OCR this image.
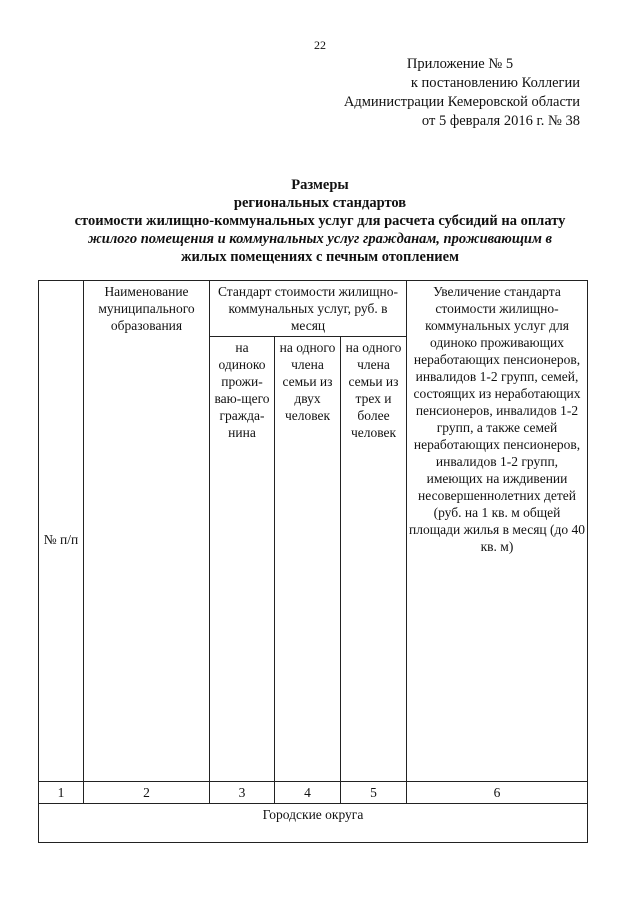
22
Приложение № 5
к постановлению Коллегии
Администрации Кемеровской области
от 5 февраля 2016 г. № 38
Размеры
региональных стандартов
стоимости жилищно-коммунальных услуг для расчета субсидий на оплату
жилого помещения и коммунальных услуг гражданам, проживающим в
жилых помещениях с печным отоплением
№ п/п	Наименование муниципального образования	Стандарт стоимости жилищно-коммунальных услуг, руб. в месяц			Увеличение стандарта стоимости жилищно-коммунальных услуг для одиноко проживающих неработающих пенсионеров, инвалидов 1-2 групп, семей, состоящих из неработающих пенсионеров, инвалидов 1-2 групп, а также семей неработающих пенсионеров, инвалидов 1-2 групп, имеющих на иждивении несовершеннолетних детей (руб. на 1 кв. м общей площади жилья в месяц (до 40 кв. м)
		на одиноко прожи-ваю-щего гражда-нина	на одного члена семьи из двух человек	на одного члена семьи из трех и более человек	
1	2	3	4	5	6
Городские округа					
